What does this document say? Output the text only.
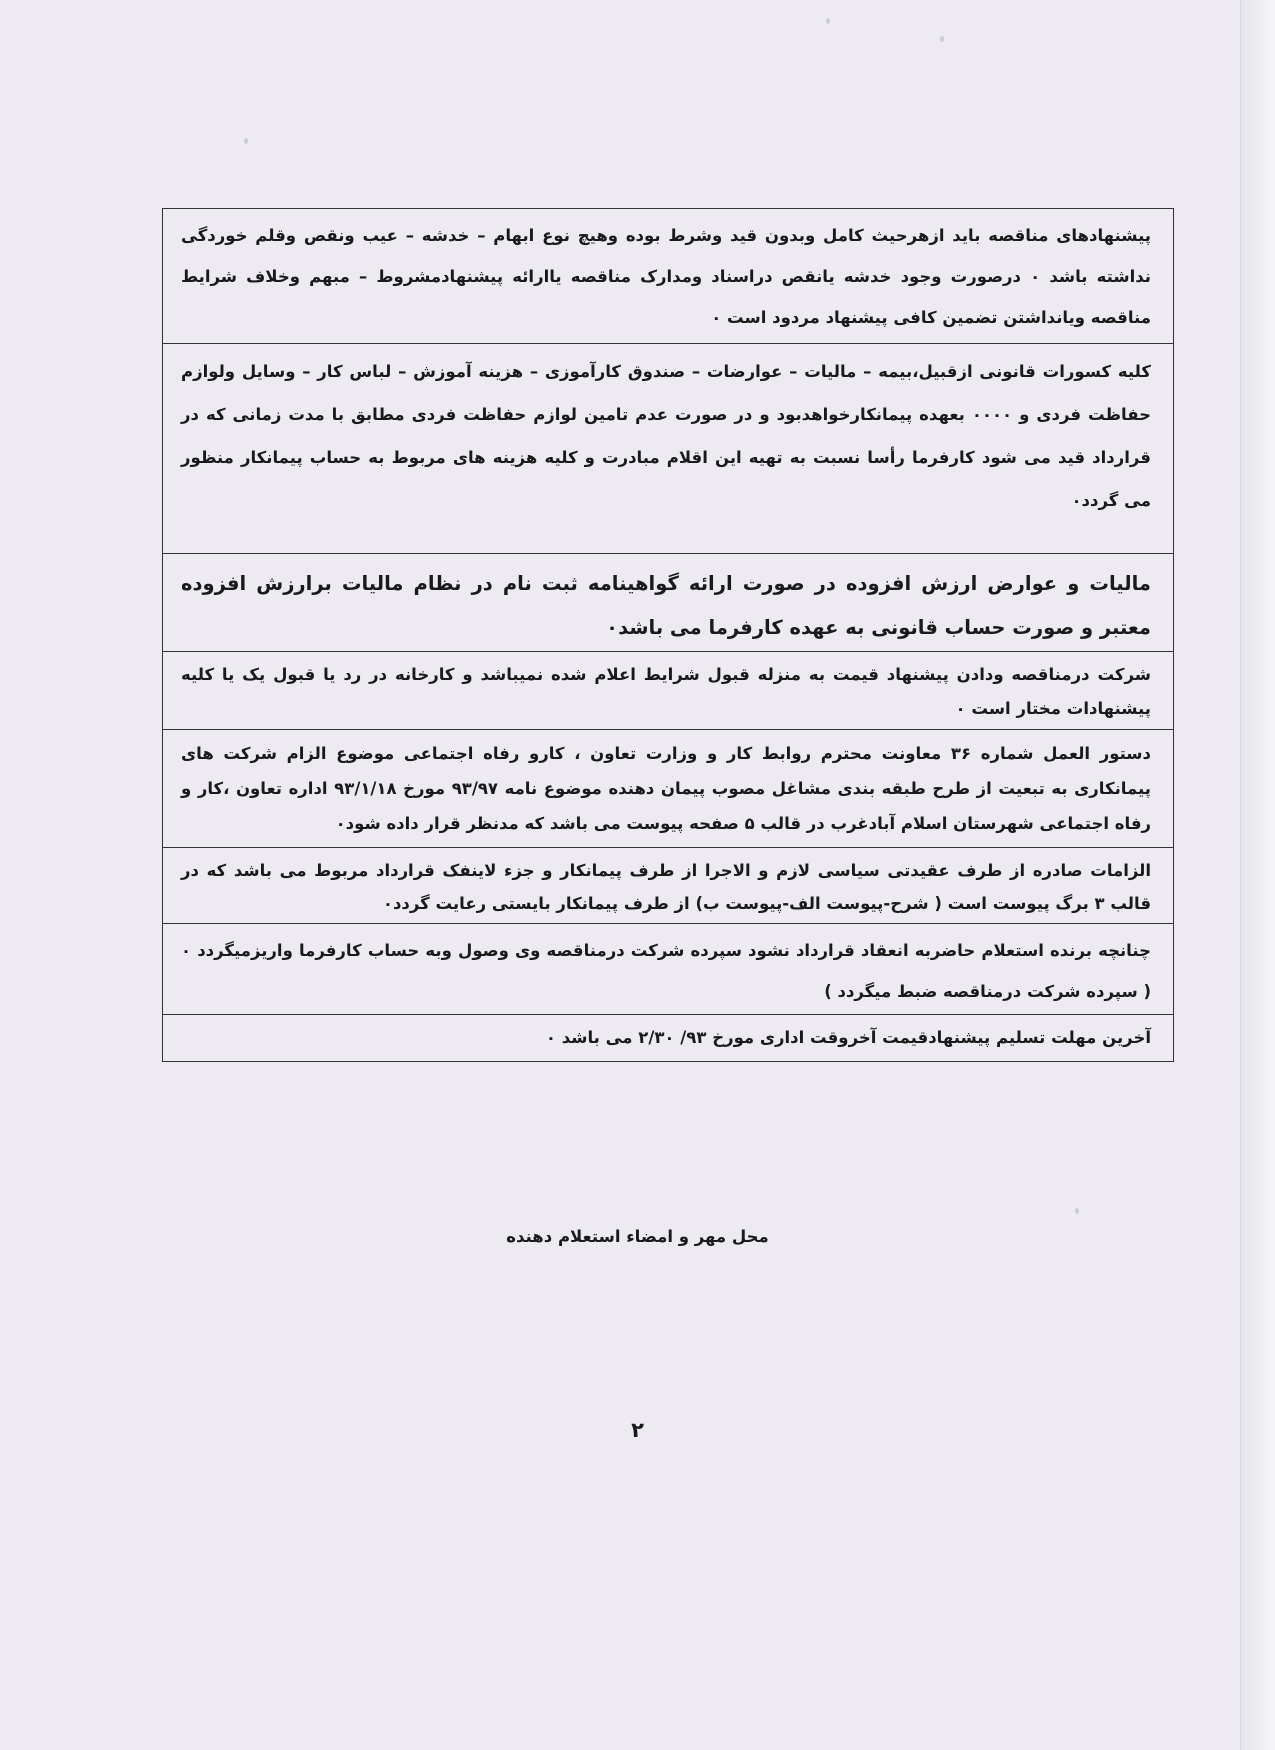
پیشنهادهای مناقصه باید ازهرحیث کامل وبدون قید وشرط بوده وهیچ نوع ابهام – خدشه – عیب ونقص وقلم خوردگی نداشته باشد ۰ درصورت وجود خدشه یانقص دراسناد ومدارک مناقصه یاارائه پیشنهادمشروط – مبهم وخلاف شرایط مناقصه ویانداشتن تضمین کافی پیشنهاد مردود است ۰
کلیه کسورات قانونی ازقبیل،بیمه – مالیات – عوارضات – صندوق کارآموزی – هزینه آموزش – لباس کار – وسایل ولوازم حفاظت فردی و ۰۰۰۰ بعهده پیمانکارخواهدبود و در صورت عدم تامین لوازم حفاظت فردی مطابق با مدت زمانی که در قرارداد قید می شود کارفرما رأسا نسبت به تهیه این اقلام مبادرت و کلیه هزینه های مربوط به حساب پیمانکار منظور می گردد۰
مالیات و عوارض ارزش افزوده در صورت ارائه گواهینامه ثبت نام در نظام مالیات برارزش افزوده معتبر و صورت حساب قانونی به عهده کارفرما می باشد۰
شرکت درمناقصه ودادن پیشنهاد قیمت به منزله قبول شرایط اعلام شده نمیباشد و کارخانه در رد یا قبول یک یا کلیه پیشنهادات مختار است ۰
دستور العمل شماره ۳۶ معاونت محترم روابط کار و وزارت تعاون ، کارو رفاه اجتماعی موضوع الزام شرکت های پیمانکاری به تبعیت از طرح طبقه بندی مشاغل مصوب پیمان دهنده موضوع نامه ۹۳/۹۷ مورخ ۹۳/۱/۱۸ اداره تعاون ،کار و رفاه اجتماعی شهرستان اسلام آبادغرب در قالب ۵ صفحه پیوست می باشد که مدنظر قرار داده شود۰
الزامات صادره از طرف عقیدتی سیاسی لازم و الاجرا از طرف پیمانکار و جزء لاینفک قرارداد مربوط می باشد که در قالب ۳ برگ پیوست است ( شرح-پیوست الف-پیوست ب) از طرف پیمانکار بایستی رعایت گردد۰
چنانچه برنده استعلام حاضربه انعقاد قرارداد نشود سپرده شرکت درمناقصه وی وصول وبه حساب کارفرما واریزمیگردد ۰ ( سپرده شرکت درمناقصه ضبط میگردد )
آخرین مهلت تسلیم پیشنهادقیمت آخروقت اداری مورخ ۹۳/ ۲/۳۰ می باشد ۰
محل مهر و امضاء استعلام دهنده
۲
